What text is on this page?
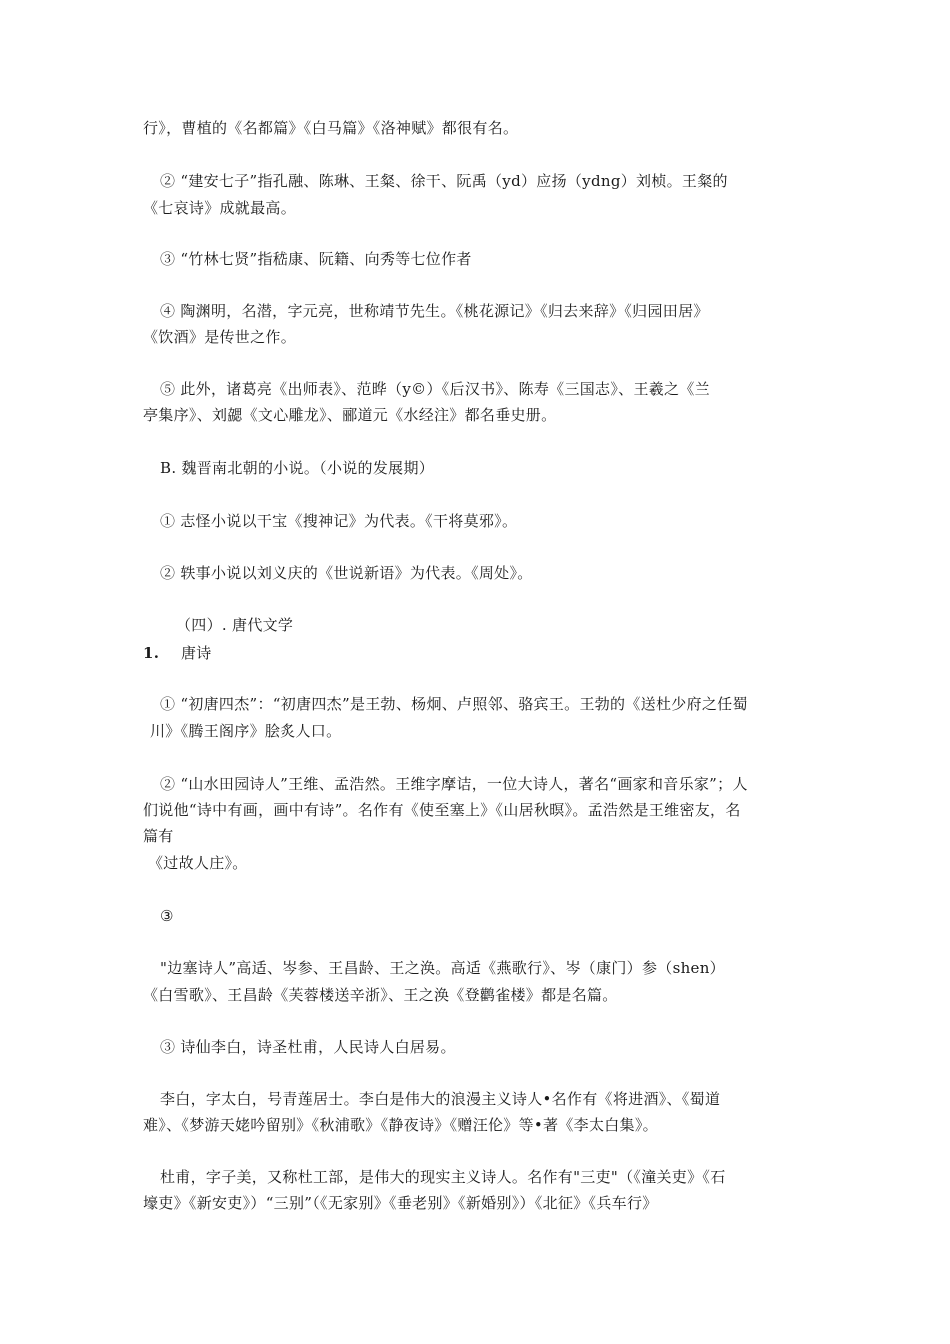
行》，曹植的《名都篇》《白马篇》《洛神赋》都很有名。
② “建安七子”指孔融、陈琳、王粲、徐干、阮禹（yd）应扬（ydng）刘桢。王粲的
《七哀诗》成就最高。
③ “竹林七贤”指嵇康、阮籍、向秀等七位作者
④ 陶渊明，名潜，字元亮，世称靖节先生。《桃花源记》《归去来辞》《归园田居》
《饮酒》是传世之作。
⑤ 此外，诸葛亮《出师表》、范晔（y©）《后汉书》、陈寿《三国志》、王羲之《兰
亭集序》、刘勰《文心雕龙》、郦道元《水经注》都名垂史册。
B. 魏晋南北朝的小说。（小说的发展期）
① 志怪小说以干宝《搜神记》为代表。《干将莫邪》。
② 轶事小说以刘义庆的《世说新语》为代表。《周处》。
（四）. 唐代文学
1. 唐诗
① “初唐四杰”：“初唐四杰”是王勃、杨炯、卢照邻、骆宾王。王勃的《送杜少府之任蜀
川》《腾王阁序》脍炙人口。
② “山水田园诗人”王维、孟浩然。王维字摩诘，一位大诗人，著名“画家和音乐家”；人
们说他“诗中有画，画中有诗”。名作有《使至塞上》《山居秋暝》。孟浩然是王维密友，名
篇有
《过故人庄》。
③
"边塞诗人”高适、岑参、王昌龄、王之涣。高适《燕歌行》、岑（康门）参（shen）
《白雪歌》、王昌龄《芙蓉楼送辛浙》、王之涣《登鹳雀楼》都是名篇。
③ 诗仙李白，诗圣杜甫，人民诗人白居易。
李白，字太白，号青莲居士。李白是伟大的浪漫主义诗人•名作有《将进酒》、《蜀道
难》、《梦游天姥吟留别》《秋浦歌》《静夜诗》《赠汪伦》等•著《李太白集》。
杜甫，字子美，又称杜工部，是伟大的现实主义诗人。名作有"三吏"（《潼关吏》《石
壕吏》《新安吏》）“三别”（《无家别》《垂老别》《新婚别》）《北征》《兵车行》
